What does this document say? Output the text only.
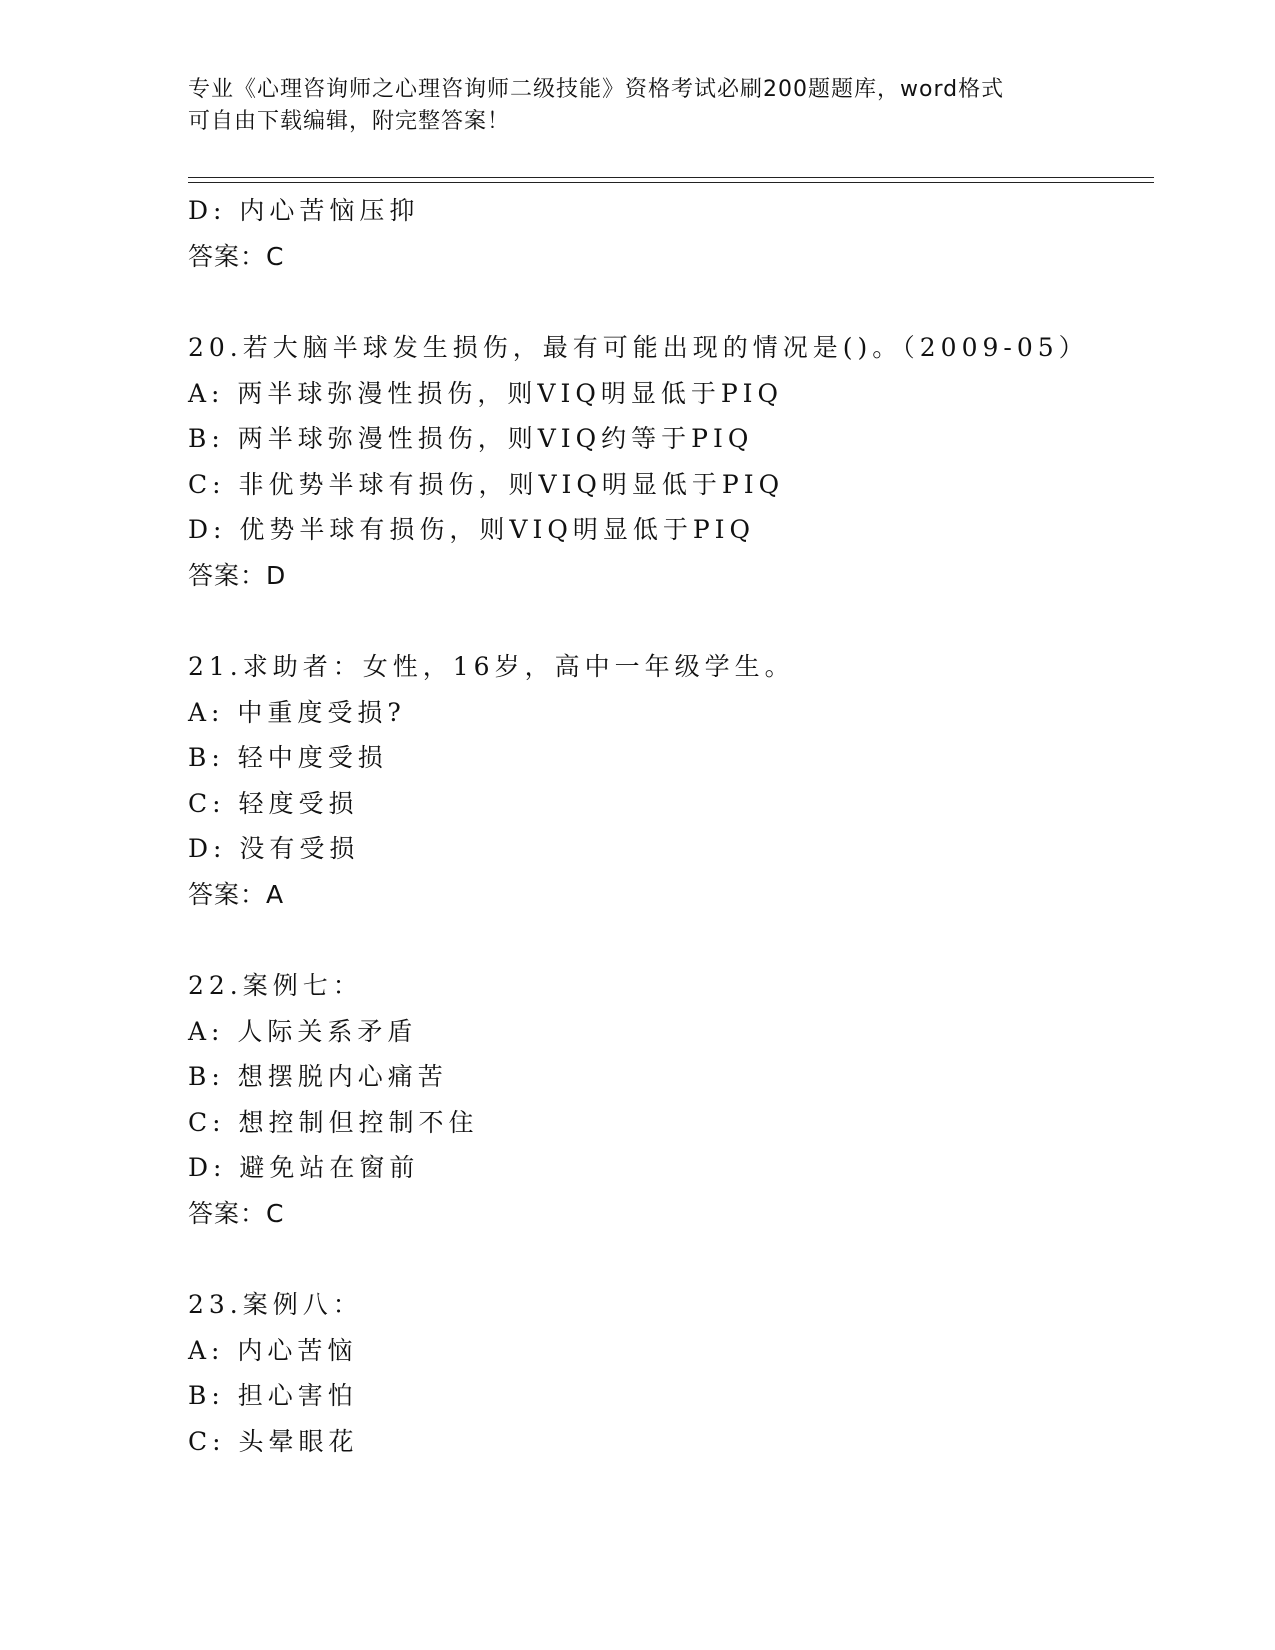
专业《心理咨询师之心理咨询师二级技能》资格考试必刷200题题库，word格式
可自由下载编辑，附完整答案！
D: 内心苦恼压抑
答案：C
20.若大脑半球发生损伤，最有可能出现的情况是()。（2009-05）
A: 两半球弥漫性损伤，则VIQ明显低于PIQ
B: 两半球弥漫性损伤，则VIQ约等于PIQ
C: 非优势半球有损伤，则VIQ明显低于PIQ
D: 优势半球有损伤，则VIQ明显低于PIQ
答案：D
21.求助者：女性，16岁，高中一年级学生。
A: 中重度受损?
B: 轻中度受损
C: 轻度受损
D: 没有受损
答案：A
22.案例七：
A: 人际关系矛盾
B: 想摆脱内心痛苦
C: 想控制但控制不住
D: 避免站在窗前
答案：C
23.案例八：
A: 内心苦恼
B: 担心害怕
C: 头晕眼花
